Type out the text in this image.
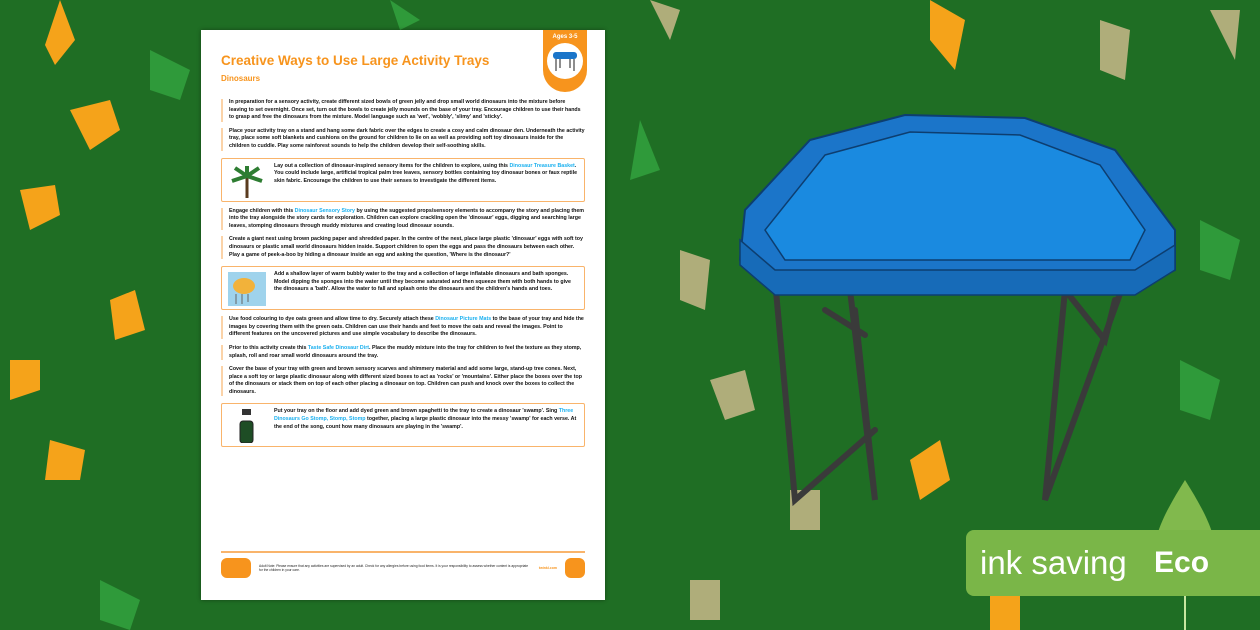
Ages 3-5
Creative Ways to Use Large Activity Trays
Dinosaurs
In preparation for a sensory activity, create different sized bowls of green jelly and drop small world dinosaurs into the mixture before leaving to set overnight. Once set, turn out the bowls to create jelly mounds on the base of your tray. Encourage children to use their hands to grasp and free the dinosaurs from the mixture. Model language such as 'wet', 'wobbly', 'slimy' and 'sticky'.
Place your activity tray on a stand and hang some dark fabric over the edges to create a cosy and calm dinosaur den. Underneath the activity tray, place some soft blankets and cushions on the ground for children to lie on as well as providing soft toy dinosaurs inside for the children to cuddle. Play some rainforest sounds to help the children develop their self-soothing skills.
Lay out a collection of dinosaur-inspired sensory items for the children to explore, using this Dinosaur Treasure Basket. You could include large, artificial tropical palm tree leaves, sensory bottles containing toy dinosaur bones or faux reptile skin fabric. Encourage the children to use their senses to investigate the different items.
Engage children with this Dinosaur Sensory Story by using the suggested props/sensory elements to accompany the story and placing them into the tray alongside the story cards for exploration. Children can explore crackling open the 'dinosaur' eggs, digging and searching large leaves, stomping dinosaurs through muddy mixtures and creating loud dinosaur sounds.
Create a giant nest using brown packing paper and shredded paper. In the centre of the nest, place large plastic 'dinosaur' eggs with soft toy dinosaurs or plastic small world dinosaurs hidden inside. Support children to open the eggs and pass the dinosaurs between each other. Play a game of peek-a-boo by hiding a dinosaur inside an egg and asking the question, 'Where is the dinosaur?'
Add a shallow layer of warm bubbly water to the tray and a collection of large inflatable dinosaurs and bath sponges. Model dipping the sponges into the water until they become saturated and then squeeze them with both hands to give the dinosaurs a 'bath'. Allow the water to fall and splash onto the dinosaurs and the children's hands and toes.
Use food colouring to dye oats green and allow time to dry. Securely attach these Dinosaur Picture Mats to the base of your tray and hide the images by covering them with the green oats. Children can use their hands and feet to move the oats and reveal the images. Point to different features on the uncovered pictures and use simple vocabulary to describe the dinosaurs.
Prior to this activity create this Taste Safe Dinosaur Dirt. Place the muddy mixture into the tray for children to feel the texture as they stomp, splash, roll and roar small world dinosaurs around the tray.
Cover the base of your tray with green and brown sensory scarves and shimmery material and add some large, stand-up tree cones. Next, place a soft toy or large plastic dinosaur along with different sized boxes to act as 'rocks' or 'mountains'. Either place the boxes over the top of the dinosaurs or stack them on top of each other placing a dinosaur on top. Children can push and knock over the boxes to collect the dinosaurs.
Put your tray on the floor and add dyed green and brown spaghetti to the tray to create a dinosaur 'swamp'. Sing Three Dinosaurs Go Stomp, Stomp, Stomp together, placing a large plastic dinosaur into the messy 'swamp' for each verse. At the end of the song, count how many dinosaurs are playing in the 'swamp'.
Adult Note: Please ensure that any activities are supervised by an adult. Check for any allergies before using food items. It is your responsibility to assess whether content is appropriate for the children in your care.	twinkl.com	ink saving Eco
